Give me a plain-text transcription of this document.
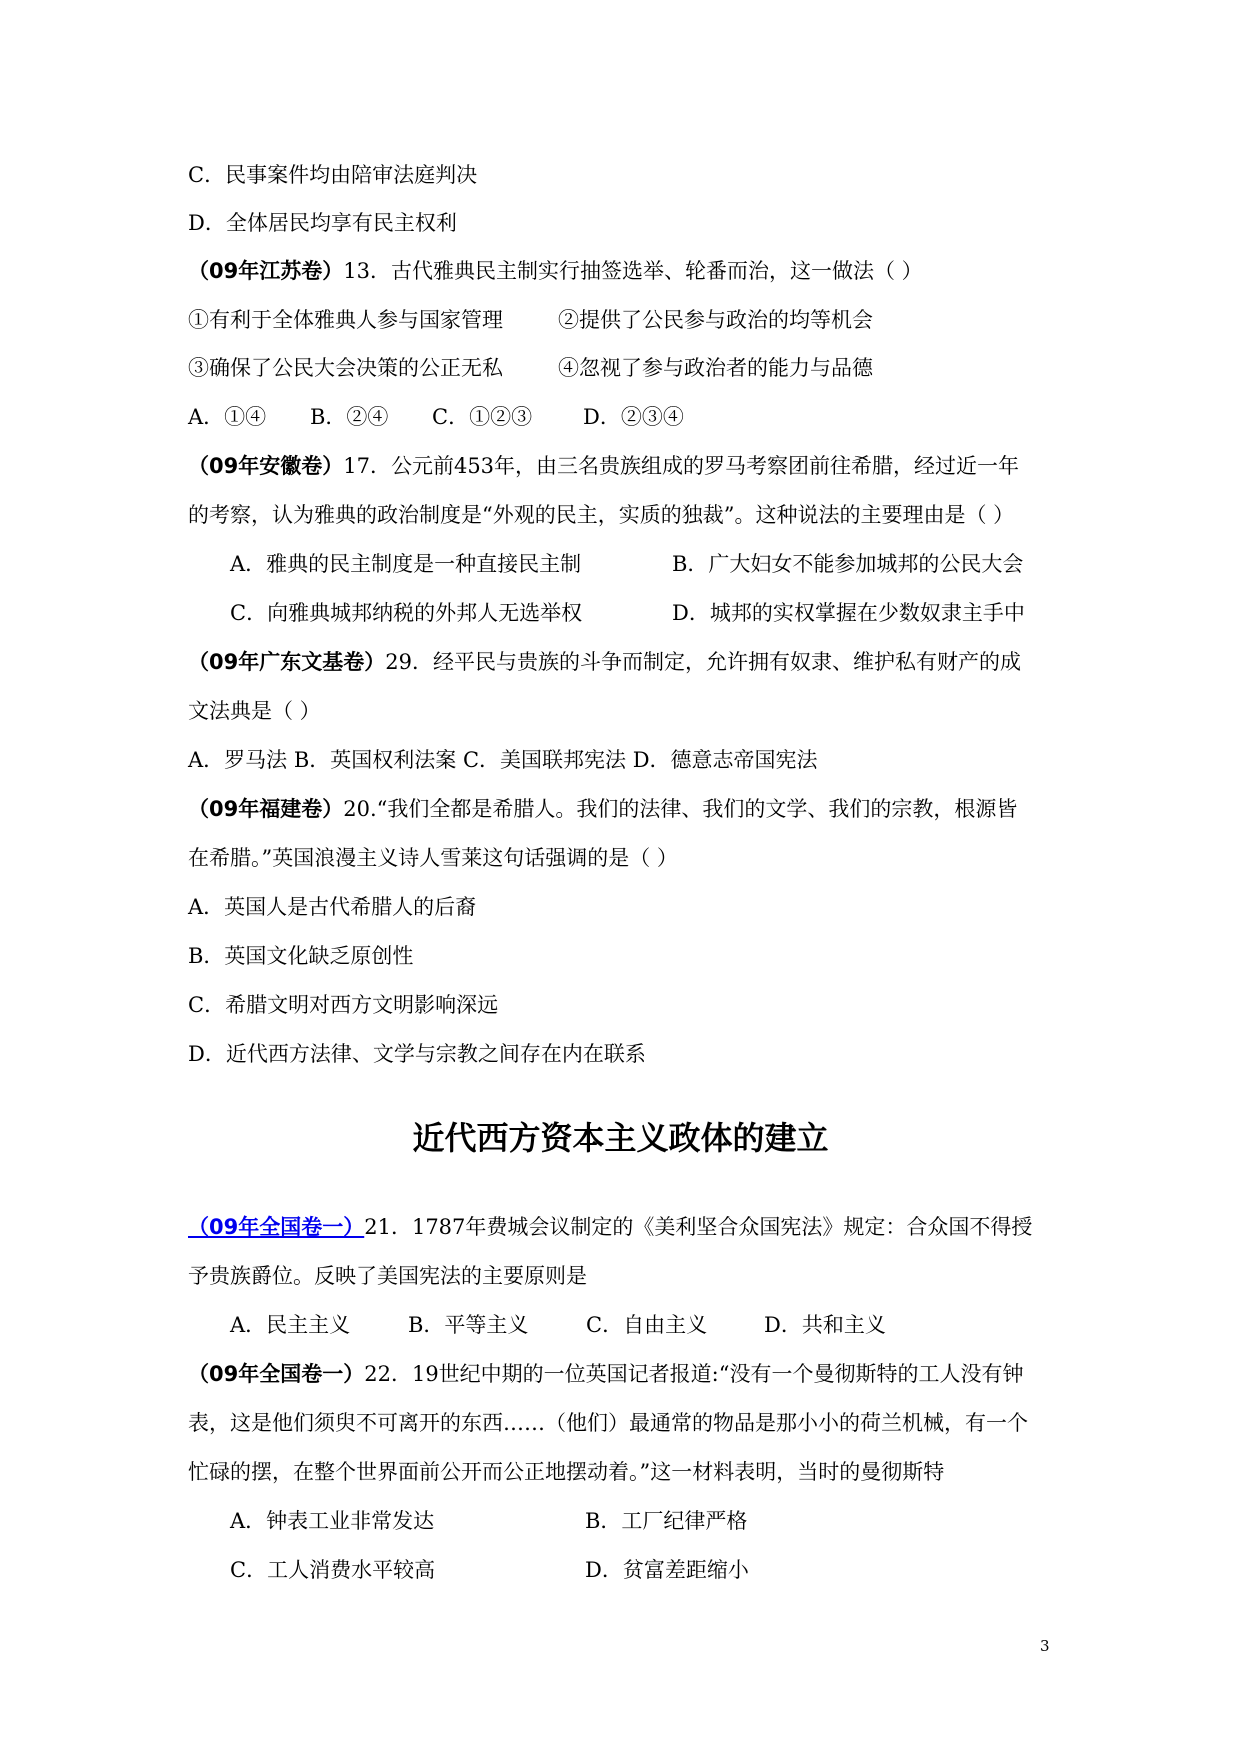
C．民事案件均由陪审法庭判决
D．全体居民均享有民主权利
（09年江苏卷）13．古代雅典民主制实行抽签选举、轮番而治，这一做法（ ）
①有利于全体雅典人参与国家管理	②提供了公民参与政治的均等机会
③确保了公民大会决策的公正无私	④忽视了参与政治者的能力与品德
A．①④ B．②④ C．①②③ D．②③④
（09年安徽卷）17．公元前453年，由三名贵族组成的罗马考察团前往希腊，经过近一年
的考察，认为雅典的政治制度是“外观的民主，实质的独裁”。这种说法的主要理由是（ ）
A．雅典的民主制度是一种直接民主制	B．广大妇女不能参加城邦的公民大会
C．向雅典城邦纳税的外邦人无选举权	D．城邦的实权掌握在少数奴隶主手中
（09年广东文基卷）29．经平民与贵族的斗争而制定，允许拥有奴隶、维护私有财产的成
文法典是（ ）
A．罗马法 B．英国权利法案 C．美国联邦宪法 D．德意志帝国宪法
（09年福建卷）20.“我们全都是希腊人。我们的法律、我们的文学、我们的宗教，根源皆
在希腊。”英国浪漫主义诗人雪莱这句话强调的是（ ）
A．英国人是古代希腊人的后裔
B．英国文化缺乏原创性
C．希腊文明对西方文明影响深远
D．近代西方法律、文学与宗教之间存在内在联系
近代西方资本主义政体的建立
（09年全国卷一）21．1787年费城会议制定的《美利坚合众国宪法》规定：合众国不得授
予贵族爵位。反映了美国宪法的主要原则是
A．民主主义	B．平等主义	C．自由主义	D．共和主义
（09年全国卷一）22．19世纪中期的一位英国记者报道:“没有一个曼彻斯特的工人没有钟
表，这是他们须臾不可离开的东西……（他们）最通常的物品是那小小的荷兰机械，有一个
忙碌的摆，在整个世界面前公开而公正地摆动着。”这一材料表明，当时的曼彻斯特
A．钟表工业非常发达	B．工厂纪律严格
C．工人消费水平较高	D．贫富差距缩小
3
